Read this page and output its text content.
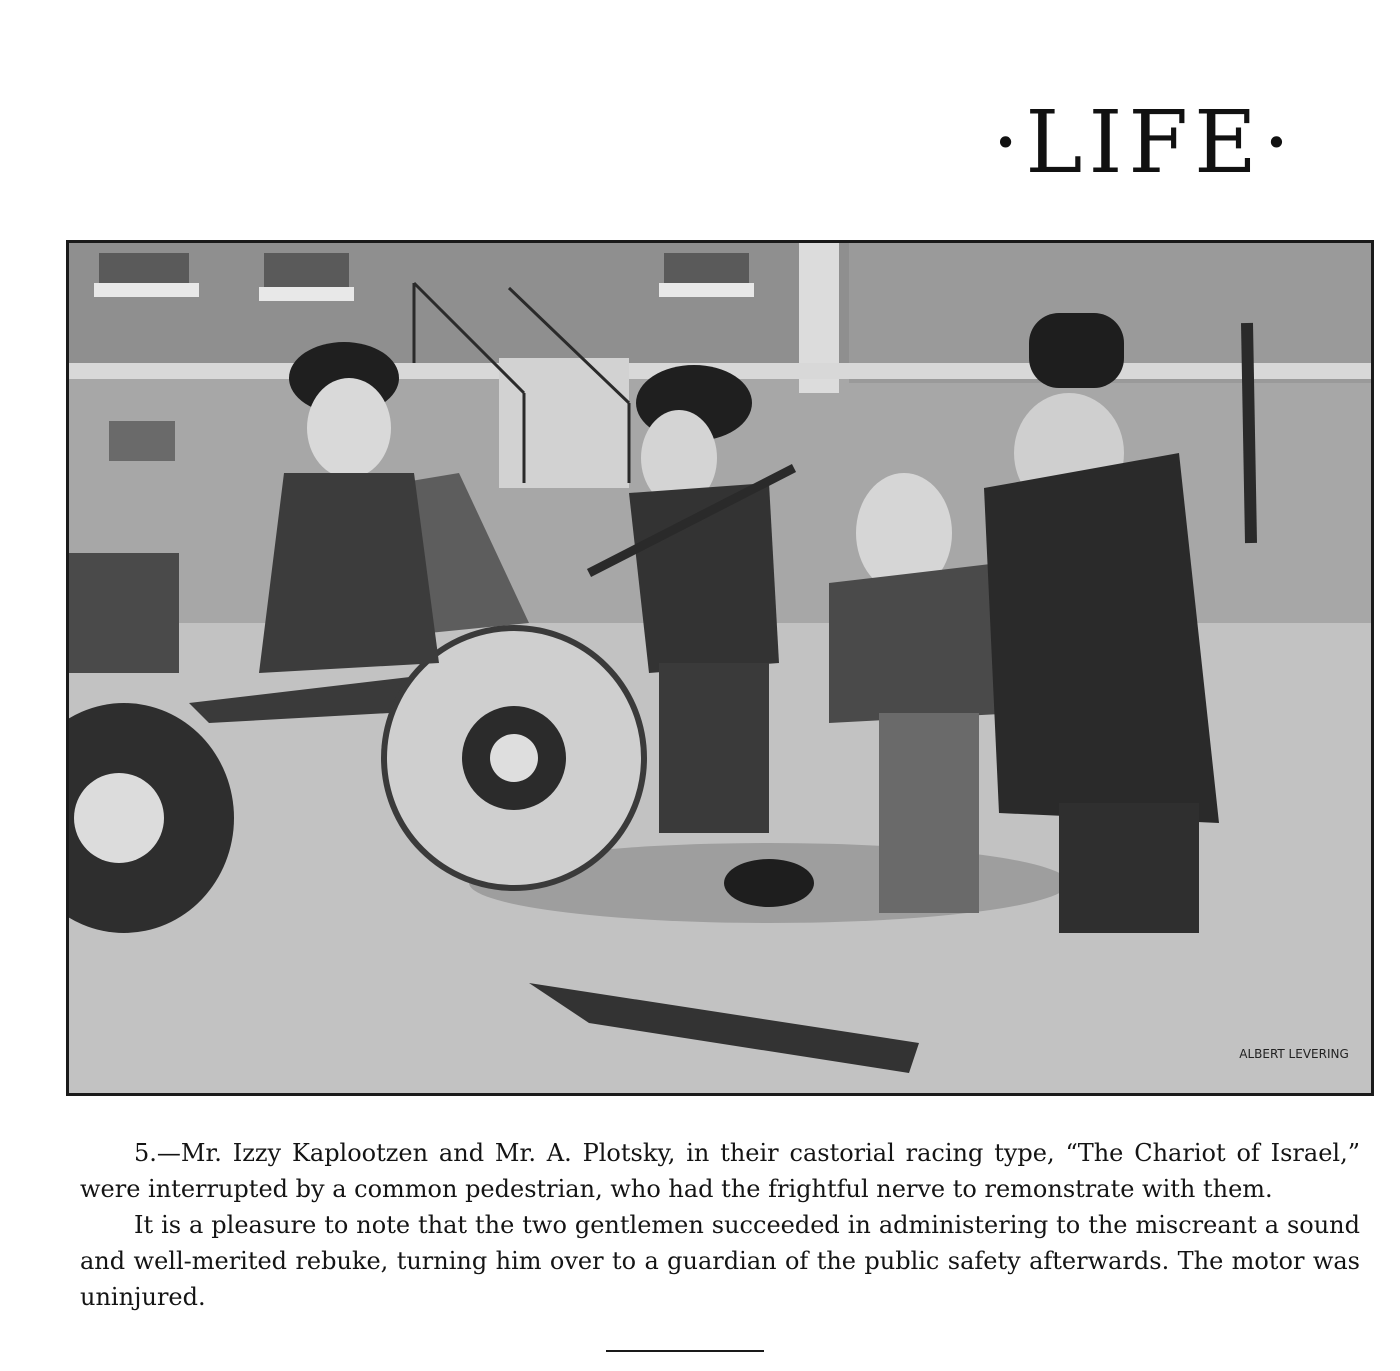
·LIFE·
ALBERT LEVERING

5.—Mr. Izzy Kaplootzen and Mr. A. Plotsky, in their castorial racing type, “The Chariot of Israel,” were interrupted by a common pedestrian, who had the frightful nerve to remonstrate with them.

It is a pleasure to note that the two gentlemen succeeded in administering to the miscreant a sound and well-merited rebuke, turning him over to a guardian of the public safety afterwards. The motor was uninjured.
